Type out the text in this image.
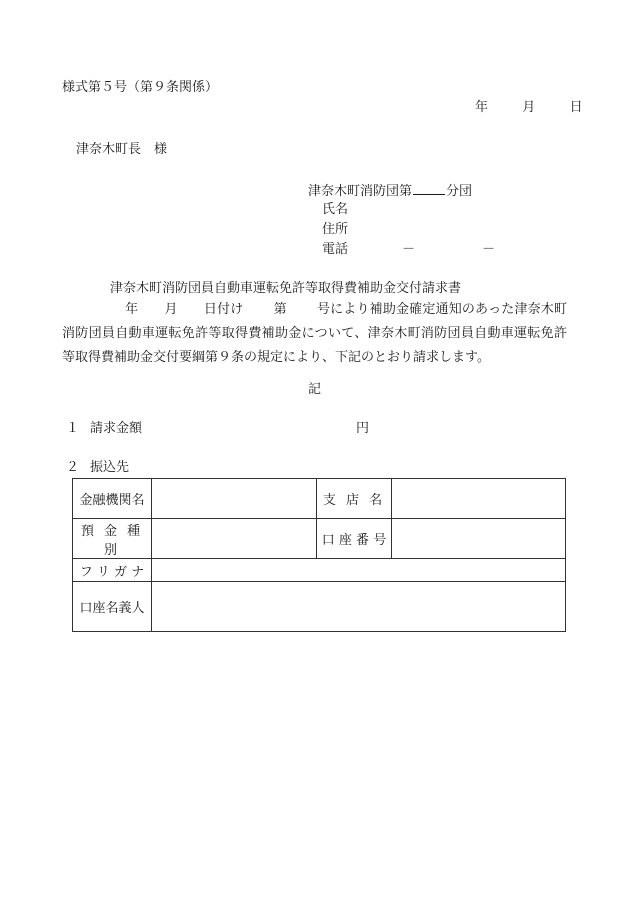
様式第５号（第９条関係）
年	月	日
津奈木町長　様
津奈木町消防団第	分団
氏名
住所
電話	－	－
津奈木町消防団員自動車運転免許等取得費補助金交付請求書
年 月 日付け 第 号により補助金確定通知のあった津奈木町消防団員自動車運転免許等取得費補助金について、津奈木町消防団員自動車運転免許等取得費補助金交付要綱第９条の規定により、下記のとおり請求します。
記
１ 請求金額	円
２ 振込先
金融機関名		支 店 名	
預 金 種 別		口 座 番 号	
フ リ ガ ナ			
口座名義人			
